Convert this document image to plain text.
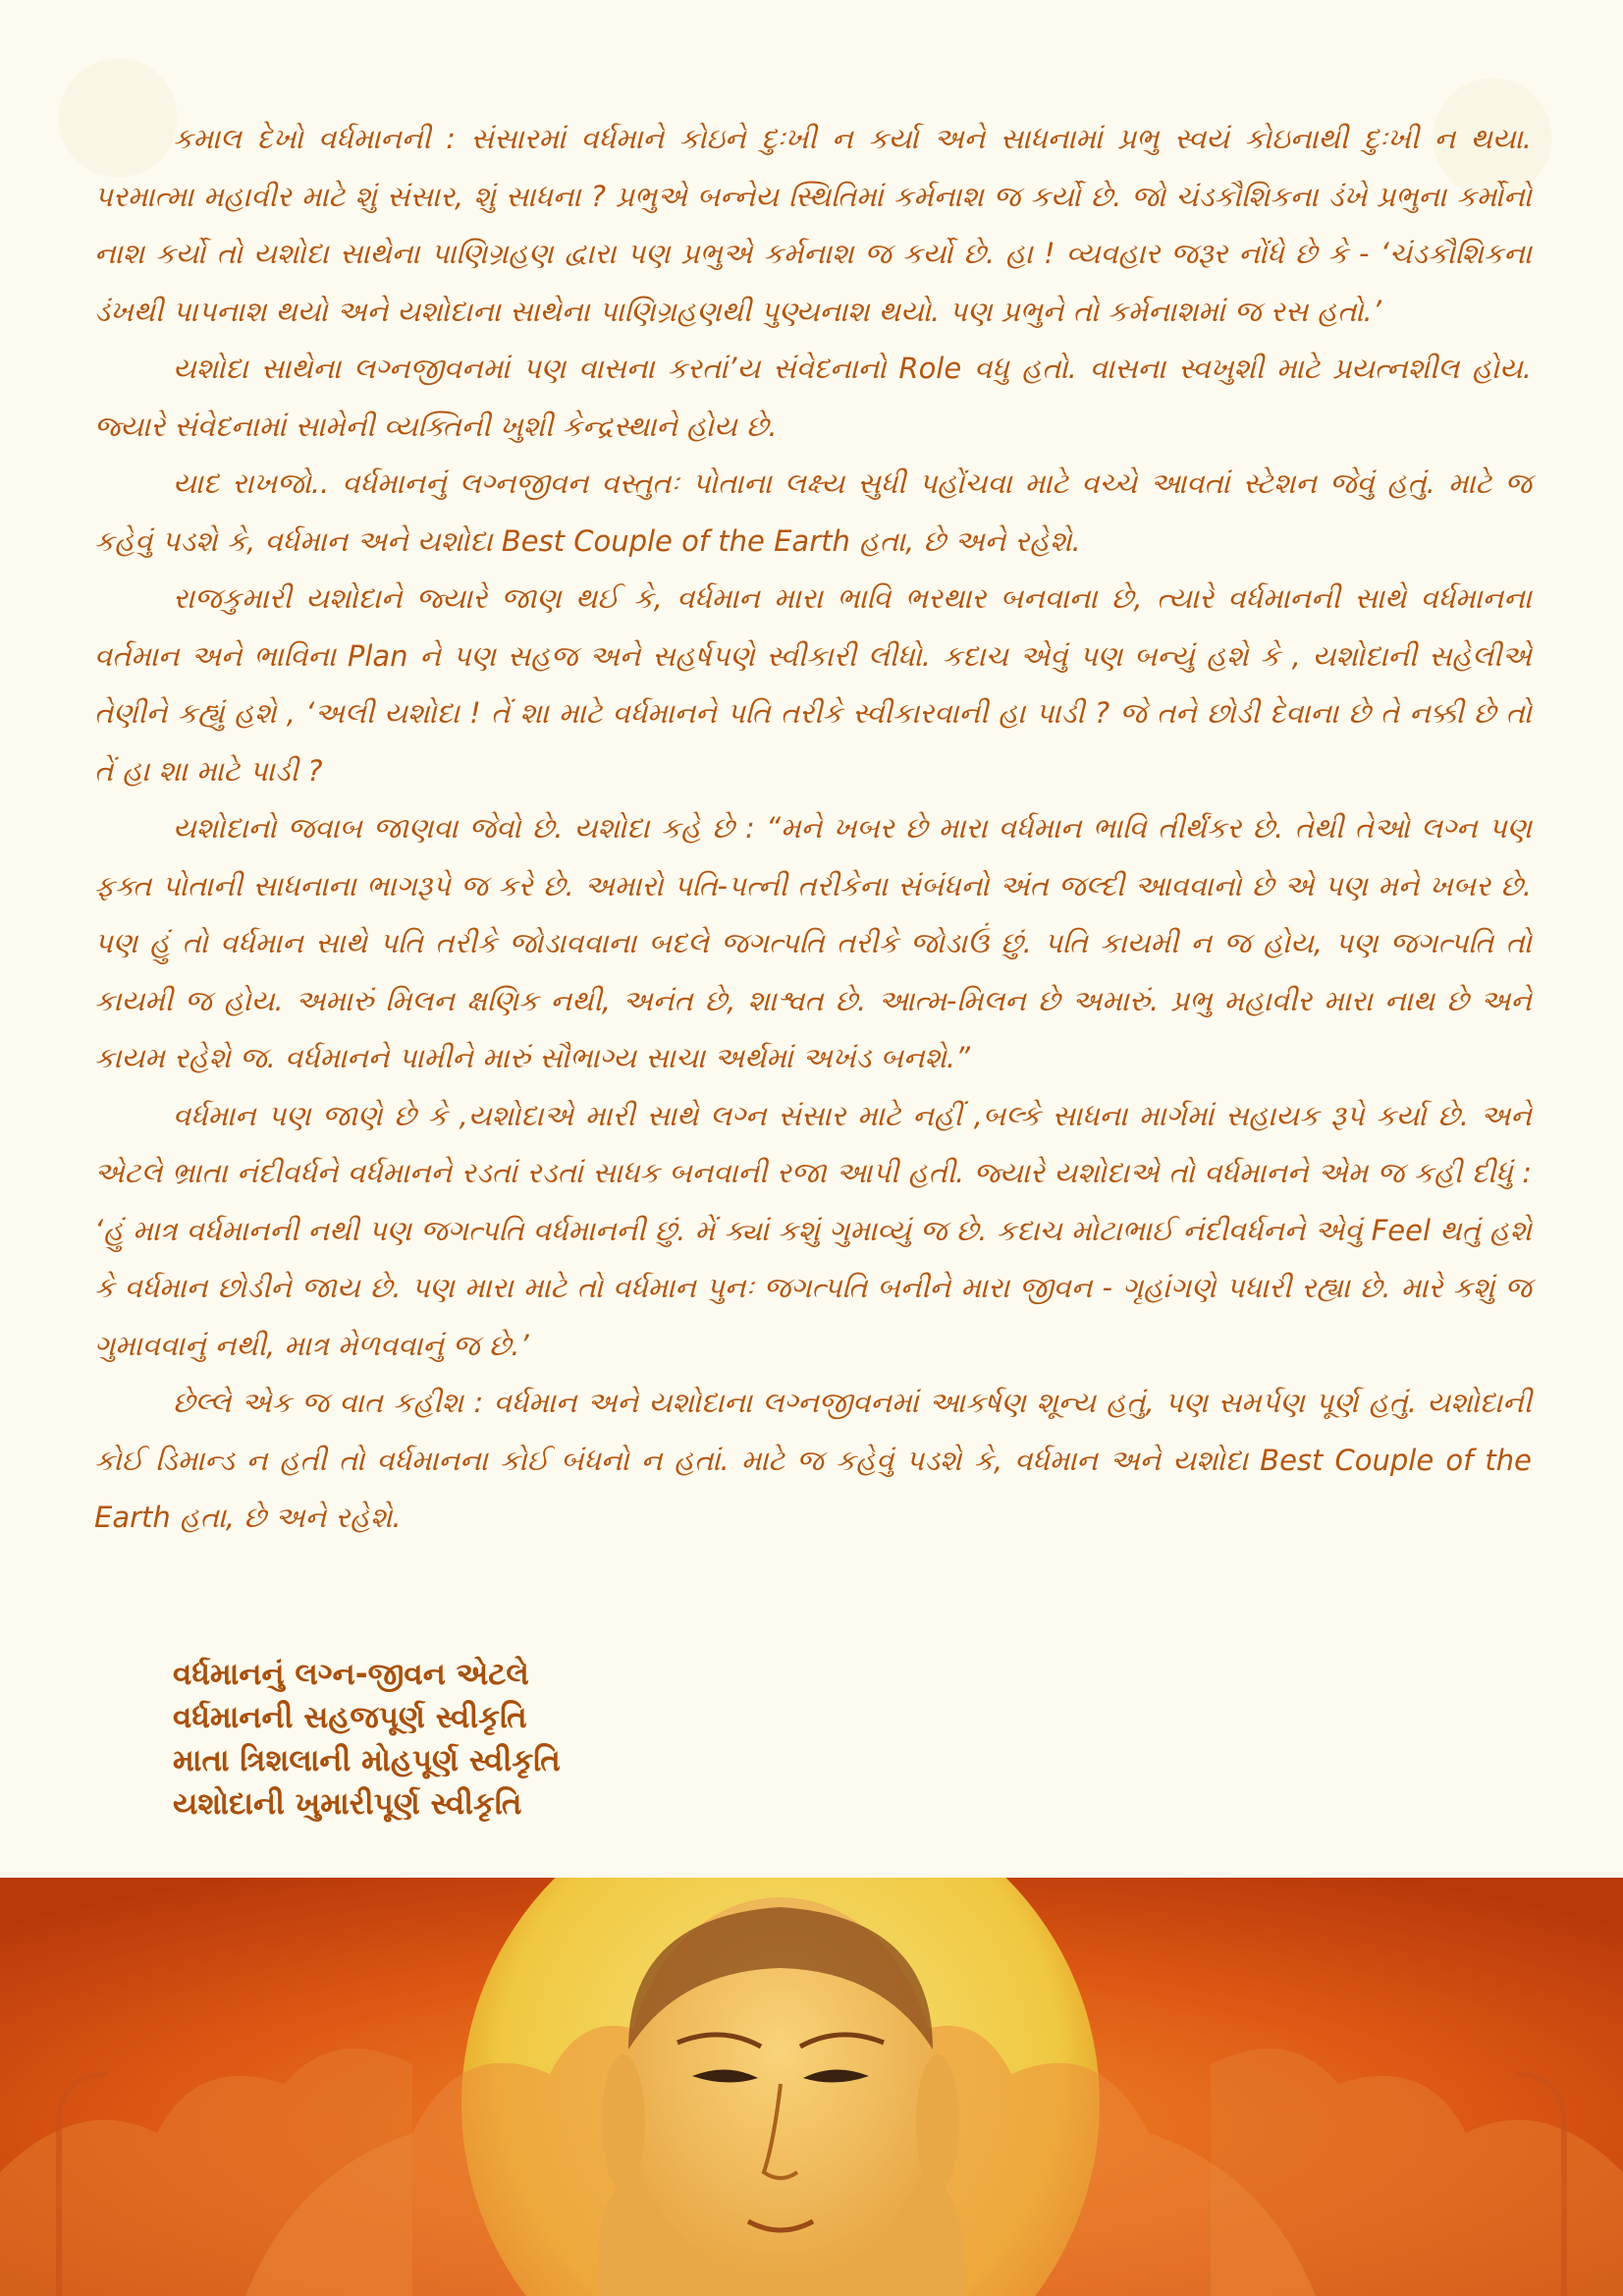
કમાલ દેખો વર્ધમાનની : સંસારમાં વર્ધમાને કોઇને દુઃખી ન કર્યા અને સાધનામાં પ્રભુ સ્વયં કોઇનાથી દુઃખી ન થયા. પરમાત્મા મહાવીર માટે શું સંસાર, શું સાધના ? પ્રભુએ બન્નેય સ્થિતિમાં કર્મનાશ જ કર્યો છે. જો ચંડકૌશિકના ડંખે પ્રભુના કર્મોનો નાશ કર્યો તો યશોદા સાથેના પાણિગ્રહણ દ્વારા પણ પ્રભુએ કર્મનાશ જ કર્યો છે. હા ! વ્યવહાર જરૂર નોંધે છે કે - ‘ચંડકૌશિકના ડંખથી પાપનાશ થયો અને યશોદાના સાથેના પાણિગ્રહણથી પુણ્યનાશ થયો. પણ પ્રભુને તો કર્મનાશમાં જ રસ હતો.’

યશોદા સાથેના લગ્નજીવનમાં પણ વાસના કરતાં’ય સંવેદનાનો Role વધુ હતો. વાસના સ્વખુશી માટે પ્રયત્નશીલ હોય. જ્યારે સંવેદનામાં સામેની વ્યક્તિની ખુશી કેન્દ્રસ્થાને હોય છે.

યાદ રાખજો.. વર્ધમાનનું લગ્નજીવન વસ્તુતઃ પોતાના લક્ષ્ય સુધી પહોંચવા માટે વચ્ચે આવતાં સ્ટેશન જેવું હતું. માટે જ કહેવું પડશે કે, વર્ધમાન અને યશોદા Best Couple of the Earth હતા, છે અને રહેશે.

રાજકુમારી યશોદાને જ્યારે જાણ થઈ કે, વર્ધમાન મારા ભાવિ ભરથાર બનવાના છે, ત્યારે વર્ધમાનની સાથે વર્ધમાનના વર્તમાન અને ભાવિના Plan ને પણ સહજ અને સહર્ષપણે સ્વીકારી લીધો. કદાચ એવું પણ બન્યું હશે કે , યશોદાની સહેલીએ તેણીને કહ્યું હશે , ‘અલી યશોદા ! તેં શા માટે વર્ધમાનને પતિ તરીકે સ્વીકારવાની હા પાડી ? જે તને છોડી દેવાના છે તે નક્કી છે તો તેં હા શા માટે પાડી ?

યશોદાનો જવાબ જાણવા જેવો છે. યશોદા કહે છે : “મને ખબર છે મારા વર્ધમાન ભાવિ તીર્થંકર છે. તેથી તેઓ લગ્ન પણ ફક્ત પોતાની સાધનાના ભાગરૂપે જ કરે છે. અમારો પતિ-પત્ની તરીકેના સંબંધનો અંત જલ્દી આવવાનો છે એ પણ મને ખબર છે. પણ હું તો વર્ધમાન સાથે પતિ તરીકે જોડાવવાના બદલે જગત્પતિ તરીકે જોડાઉં છું. પતિ કાયમી ન જ હોય, પણ જગત્પતિ તો કાયમી જ હોય. અમારું મિલન ક્ષણિક નથી, અનંત છે, શાશ્વત છે. આત્મ-મિલન છે અમારું. પ્રભુ મહાવીર મારા નાથ છે અને કાયમ રહેશે જ. વર્ધમાનને પામીને મારું સૌભાગ્ય સાચા અર્થમાં અખંડ બનશે.”

વર્ધમાન પણ જાણે છે કે ,યશોદાએ મારી સાથે લગ્ન સંસાર માટે નહીં ,બલ્કે સાધના માર્ગમાં સહાયક રૂપે કર્યા છે. અને એટલે ભ્રાતા નંદીવર્ધને વર્ધમાનને રડતાં રડતાં સાધક બનવાની રજા આપી હતી. જ્યારે યશોદાએ તો વર્ધમાનને એમ જ કહી દીધું : ‘હું માત્ર વર્ધમાનની નથી પણ જગત્પતિ વર્ધમાનની છું. મેં ક્યાં કશું ગુમાવ્યું જ છે. કદાચ મોટાભાઈ નંદીવર્ધનને એવું Feel થતું હશે કે વર્ધમાન છોડીને જાય છે. પણ મારા માટે તો વર્ધમાન પુનઃ જગત્પતિ બનીને મારા જીવન - ગૃહાંગણે પધારી રહ્યા છે. મારે કશું જ ગુમાવવાનું નથી, માત્ર મેળવવાનું જ છે.’

છેલ્લે એક જ વાત કહીશ : વર્ધમાન અને યશોદાના લગ્નજીવનમાં આકર્ષણ શૂન્ય હતું, પણ સમર્પણ પૂર્ણ હતું. યશોદાની કોઈ ડિમાન્ડ ન હતી તો વર્ધમાનના કોઈ બંધનો ન હતાં. માટે જ કહેવું પડશે કે, વર્ધમાન અને યશોદા Best Couple of the Earth હતા, છે અને રહેશે.

વર્ધમાનનું લગ્ન-જીવન એટલે
વર્ધમાનની સહજપૂર્ણ સ્વીકૃતિ
માતા ત્રિશલાની મોહપૂર્ણ સ્વીકૃતિ
યશોદાની ખુમારીપૂર્ણ સ્વીકૃતિ
